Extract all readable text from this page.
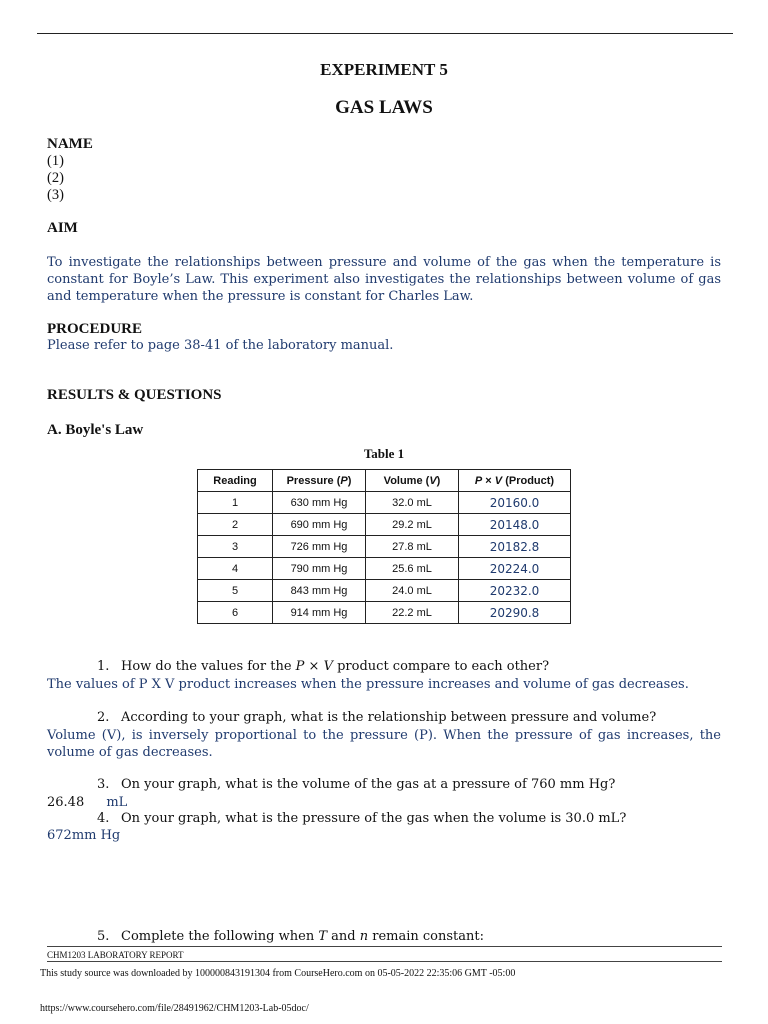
EXPERIMENT 5
GAS LAWS
NAME
(1)
(2)
(3)
AIM
To investigate the relationships between pressure and volume of the gas when the temperature is constant for Boyle’s Law. This experiment also investigates the relationships between volume of gas and temperature when the pressure is constant for Charles Law.
PROCEDURE
Please refer to page 38-41 of the laboratory manual.
RESULTS & QUESTIONS
A. Boyle's Law
Table 1
Reading	Pressure (P)	Volume (V)	P × V (Product)
1	630 mm Hg	32.0 mL	20160.0
2	690 mm Hg	29.2 mL	20148.0
3	726 mm Hg	27.8 mL	20182.8
4	790 mm Hg	25.6 mL	20224.0
5	843 mm Hg	24.0 mL	20232.0
6	914 mm Hg	22.2 mL	20290.8
1. How do the values for the P × V product compare to each other?
The values of P X V product increases when the pressure increases and volume of gas decreases.
2. According to your graph, what is the relationship between pressure and volume?
Volume (V), is inversely proportional to the pressure (P). When the pressure of gas increases, the volume of gas decreases.
3. On your graph, what is the volume of the gas at a pressure of 760 mm Hg?
26.48 mL
4. On your graph, what is the pressure of the gas when the volume is 30.0 mL?
672mm Hg
5. Complete the following when T and n remain constant:
CHM1203 LABORATORY REPORT
This study source was downloaded by 100000843191304 from CourseHero.com on 05-05-2022 22:35:06 GMT -05:00
https://www.coursehero.com/file/28491962/CHM1203-Lab-05doc/
